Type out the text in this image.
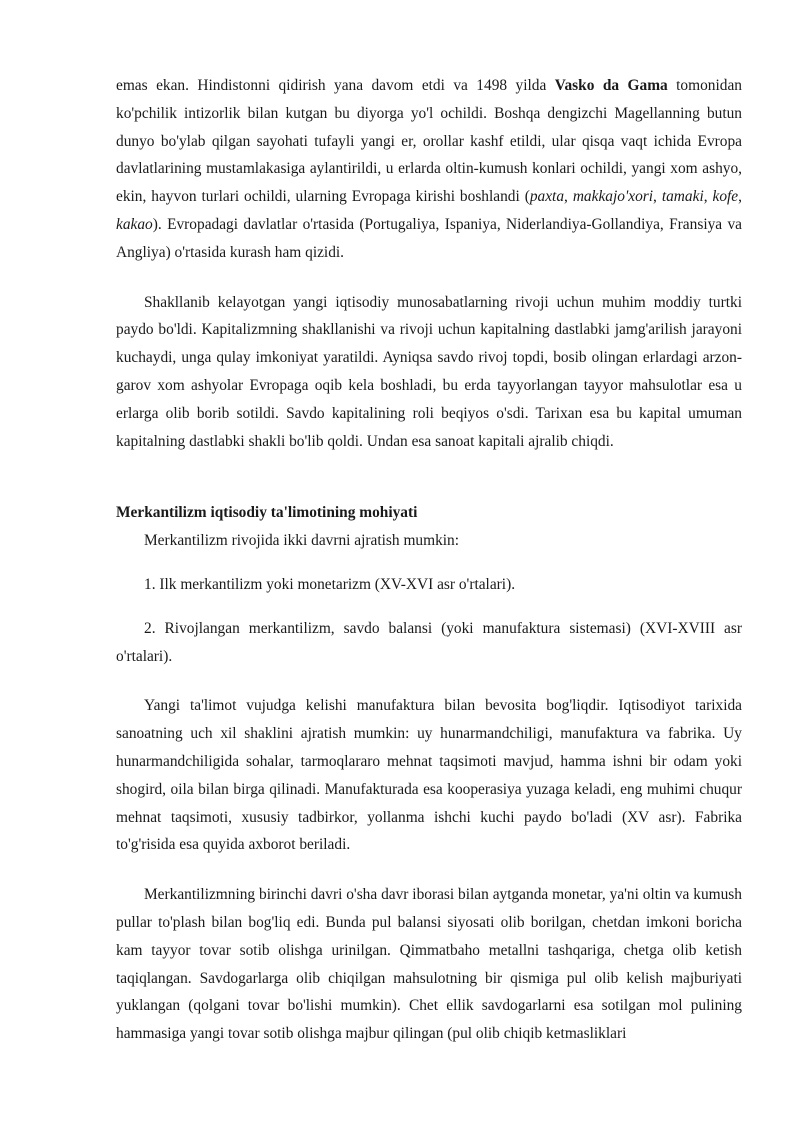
emas ekan. Hindistonni qidirish yana davom etdi va 1498 yilda Vasko da Gama tomonidan ko'pchilik intizorlik bilan kutgan bu diyorga yo'l ochildi. Boshqa dengizchi Magellanning butun dunyo bo'ylab qilgan sayohati tufayli yangi er, orollar kashf etildi, ular qisqa vaqt ichida Evropa davlatlarining mustamlakasiga aylantirildi, u erlarda oltin-kumush konlari ochildi, yangi xom ashyo, ekin, hayvon turlari ochildi, ularning Evropaga kirishi boshlandi (paxta, makkajo'xori, tamaki, kofe, kakao). Evropadagi davlatlar o'rtasida (Portugaliya, Ispaniya, Niderlandiya-Gollandiya, Fransiya va Angliya) o'rtasida kurash ham qizidi.

Shakllanib kelayotgan yangi iqtisodiy munosabatlarning rivoji uchun muhim moddiy turtki paydo bo'ldi. Kapitalizmning shakllanishi va rivoji uchun kapitalning dastlabki jamg'arilish jarayoni kuchaydi, unga qulay imkoniyat yaratildi. Ayniqsa savdo rivoj topdi, bosib olingan erlardagi arzon-garov xom ashyolar Evropaga oqib kela boshladi, bu erda tayyorlangan tayyor mahsulotlar esa u erlarga olib borib sotildi. Savdo kapitalining roli beqiyos o'sdi. Tarixan esa bu kapital umuman kapitalning dastlabki shakli bo'lib qoldi. Undan esa sanoat kapitali ajralib chiqdi.

Merkantilizm iqtisodiy ta'limotining mohiyati

Merkantilizm rivojida ikki davrni ajratish mumkin:

1. Ilk merkantilizm yoki monetarizm (XV-XVI asr o'rtalari).

2. Rivojlangan merkantilizm, savdo balansi (yoki manufaktura sistemasi) (XVI-XVIII asr o'rtalari).

Yangi ta'limot vujudga kelishi manufaktura bilan bevosita bog'liqdir. Iqtisodiyot tarixida sanoatning uch xil shaklini ajratish mumkin: uy hunarmandchiligi, manufaktura va fabrika. Uy hunarmandchiligida sohalar, tarmoqlararo mehnat taqsimoti mavjud, hamma ishni bir odam yoki shogird, oila bilan birga qilinadi. Manufakturada esa kooperasiya yuzaga keladi, eng muhimi chuqur mehnat taqsimoti, xususiy tadbirkor, yollanma ishchi kuchi paydo bo'ladi (XV asr). Fabrika to'g'risida esa quyida axborot beriladi.

Merkantilizmning birinchi davri o'sha davr iborasi bilan aytganda monetar, ya'ni oltin va kumush pullar to'plash bilan bog'liq edi. Bunda pul balansi siyosati olib borilgan, chetdan imkoni boricha kam tayyor tovar sotib olishga urinilgan. Qimmatbaho metallni tashqariga, chetga olib ketish taqiqlangan. Savdogarlarga olib chiqilgan mahsulotning bir qismiga pul olib kelish majburiyati yuklangan (qolgani tovar bo'lishi mumkin). Chet ellik savdogarlarni esa sotilgan mol pulining hammasiga yangi tovar sotib olishga majbur qilingan (pul olib chiqib ketmasliklari
